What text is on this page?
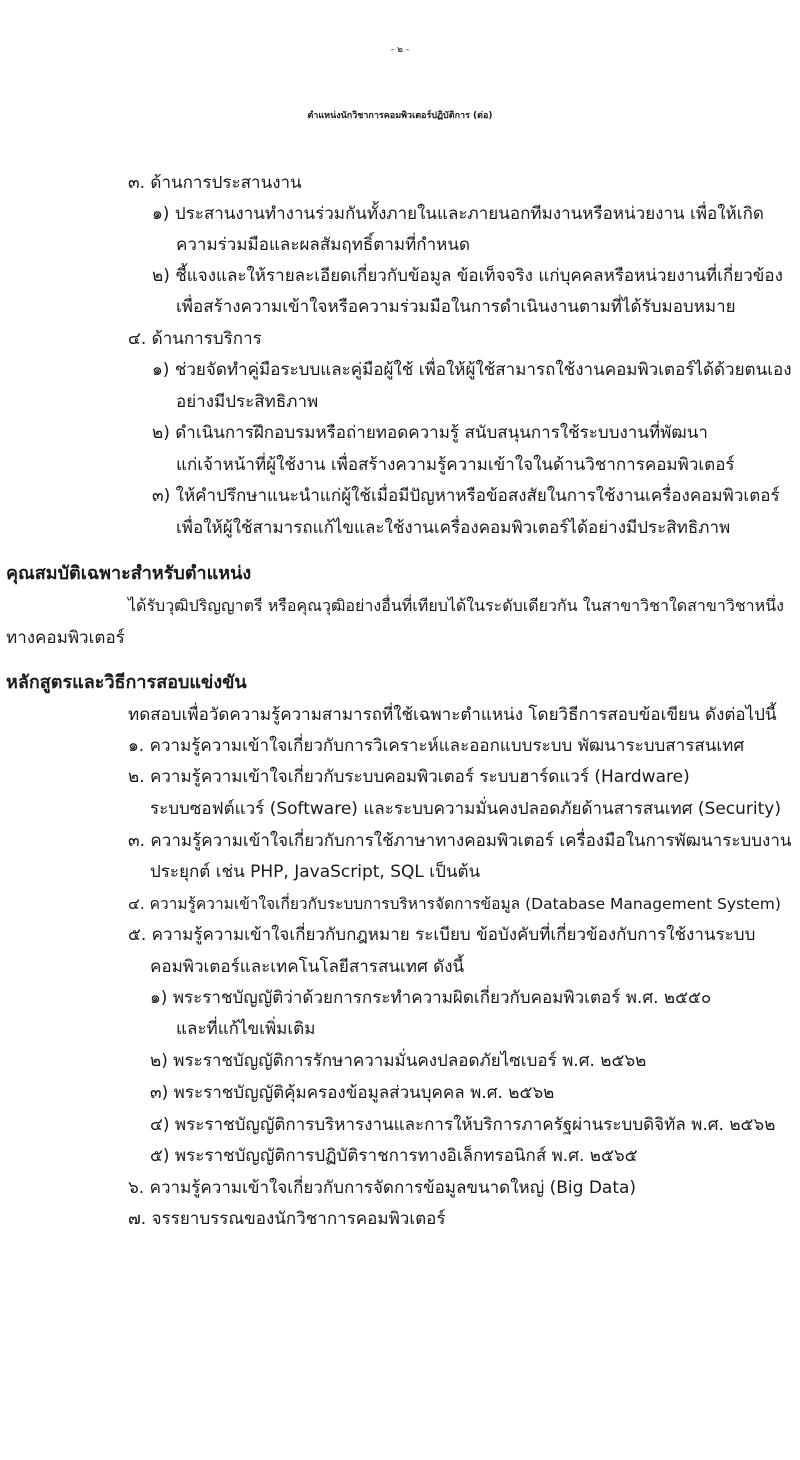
- ๒ -
ตำแหน่งนักวิชาการคอมพิวเตอร์ปฏิบัติการ (ต่อ)
๓. ด้านการประสานงาน
๑) ประสานงานทำงานร่วมกันทั้งภายในและภายนอกทีมงานหรือหน่วยงาน เพื่อให้เกิด
ความร่วมมือและผลสัมฤทธิ์ตามที่กำหนด
๒) ชี้แจงและให้รายละเอียดเกี่ยวกับข้อมูล ข้อเท็จจริง แก่บุคคลหรือหน่วยงานที่เกี่ยวข้อง
เพื่อสร้างความเข้าใจหรือความร่วมมือในการดำเนินงานตามที่ได้รับมอบหมาย
๔. ด้านการบริการ
๑) ช่วยจัดทำคู่มือระบบและคู่มือผู้ใช้ เพื่อให้ผู้ใช้สามารถใช้งานคอมพิวเตอร์ได้ด้วยตนเอง
อย่างมีประสิทธิภาพ
๒) ดำเนินการฝึกอบรมหรือถ่ายทอดความรู้ สนับสนุนการใช้ระบบงานที่พัฒนา
แก่เจ้าหน้าที่ผู้ใช้งาน เพื่อสร้างความรู้ความเข้าใจในด้านวิชาการคอมพิวเตอร์
๓) ให้คำปรึกษาแนะนำแก่ผู้ใช้เมื่อมีปัญหาหรือข้อสงสัยในการใช้งานเครื่องคอมพิวเตอร์
เพื่อให้ผู้ใช้สามารถแก้ไขและใช้งานเครื่องคอมพิวเตอร์ได้อย่างมีประสิทธิภาพ
คุณสมบัติเฉพาะสำหรับตำแหน่ง
ได้รับวุฒิปริญญาตรี หรือคุณวุฒิอย่างอื่นที่เทียบได้ในระดับเดียวกัน ในสาขาวิชาใดสาขาวิชาหนึ่ง
ทางคอมพิวเตอร์
หลักสูตรและวิธีการสอบแข่งขัน
ทดสอบเพื่อวัดความรู้ความสามารถที่ใช้เฉพาะตำแหน่ง โดยวิธีการสอบข้อเขียน ดังต่อไปนี้
๑. ความรู้ความเข้าใจเกี่ยวกับการวิเคราะห์และออกแบบระบบ พัฒนาระบบสารสนเทศ
๒. ความรู้ความเข้าใจเกี่ยวกับระบบคอมพิวเตอร์ ระบบฮาร์ดแวร์ (Hardware)
ระบบซอฟต์แวร์ (Software) และระบบความมั่นคงปลอดภัยด้านสารสนเทศ (Security)
๓. ความรู้ความเข้าใจเกี่ยวกับการใช้ภาษาทางคอมพิวเตอร์ เครื่องมือในการพัฒนาระบบงาน
ประยุกต์ เช่น PHP, JavaScript, SQL เป็นต้น
๔. ความรู้ความเข้าใจเกี่ยวกับระบบการบริหารจัดการข้อมูล (Database Management System)
๕. ความรู้ความเข้าใจเกี่ยวกับกฎหมาย ระเบียบ ข้อบังคับที่เกี่ยวข้องกับการใช้งานระบบ
คอมพิวเตอร์และเทคโนโลยีสารสนเทศ ดังนี้
๑) พระราชบัญญัติว่าด้วยการกระทำความผิดเกี่ยวกับคอมพิวเตอร์ พ.ศ. ๒๕๕๐
และที่แก้ไขเพิ่มเติม
๒) พระราชบัญญัติการรักษาความมั่นคงปลอดภัยไซเบอร์ พ.ศ. ๒๕๖๒
๓) พระราชบัญญัติคุ้มครองข้อมูลส่วนบุคคล พ.ศ. ๒๕๖๒
๔) พระราชบัญญัติการบริหารงานและการให้บริการภาครัฐผ่านระบบดิจิทัล พ.ศ. ๒๕๖๒
๕) พระราชบัญญัติการปฏิบัติราชการทางอิเล็กทรอนิกส์ พ.ศ. ๒๕๖๕
๖. ความรู้ความเข้าใจเกี่ยวกับการจัดการข้อมูลขนาดใหญ่ (Big Data)
๗. จรรยาบรรณของนักวิชาการคอมพิวเตอร์
